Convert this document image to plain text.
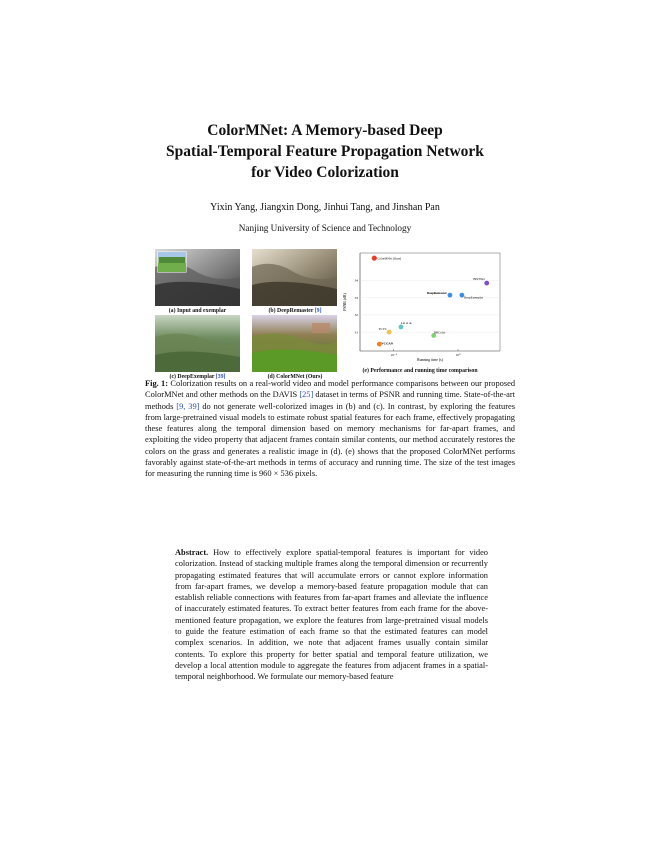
ColorMNet: A Memory-based Deep
Spatial-Temporal Feature Propagation Network
for Video Colorization
Yixin Yang, Jiangxin Dong, Jinhui Tang, and Jinshan Pan
Nanjing University of Science and Technology
(a) Input and exemplar	(b) DeepRemaster [9]
(c) DeepExemplar [39]	(d) ColorMNet (Ours)
31
32
33
34
10⁻¹	10⁰
Running time (s)
PSNR (dB)
ColorMNet (Ours)
BiSTNet
DeepRemaster
DeepExemplar
Lai et al.
TCVC
DRColor
VCGAN
(e) Performance and running time comparison
Fig. 1: Colorization results on a real-world video and model performance comparisons between our proposed ColorMNet and other methods on the DAVIS [25] dataset in terms of PSNR and running time. State-of-the-art methods [9, 39] do not generate well-colorized images in (b) and (c). In contrast, by exploring the features from large-pretrained visual models to estimate robust spatial features for each frame, effectively propagating these features along the temporal dimension based on memory mechanisms for far-apart frames, and exploiting the video property that adjacent frames contain similar contents, our method accurately restores the colors on the grass and generates a realistic image in (d). (e) shows that the proposed ColorMNet performs favorably against state-of-the-art methods in terms of accuracy and running time. The size of the test images for measuring the running time is 960 × 536 pixels.
Abstract. How to effectively explore spatial-temporal features is important for video colorization. Instead of stacking multiple frames along the temporal dimension or recurrently propagating estimated features that will accumulate errors or cannot explore information from far-apart frames, we develop a memory-based feature propagation module that can establish reliable connections with features from far-apart frames and alleviate the influence of inaccurately estimated features. To extract better features from each frame for the above-mentioned feature propagation, we explore the features from large-pretrained visual models to guide the feature estimation of each frame so that the estimated features can model complex scenarios. In addition, we note that adjacent frames usually contain similar contents. To explore this property for better spatial and temporal feature utilization, we develop a local attention module to aggregate the features from adjacent frames in a spatial-temporal neighborhood. We formulate our memory-based feature
